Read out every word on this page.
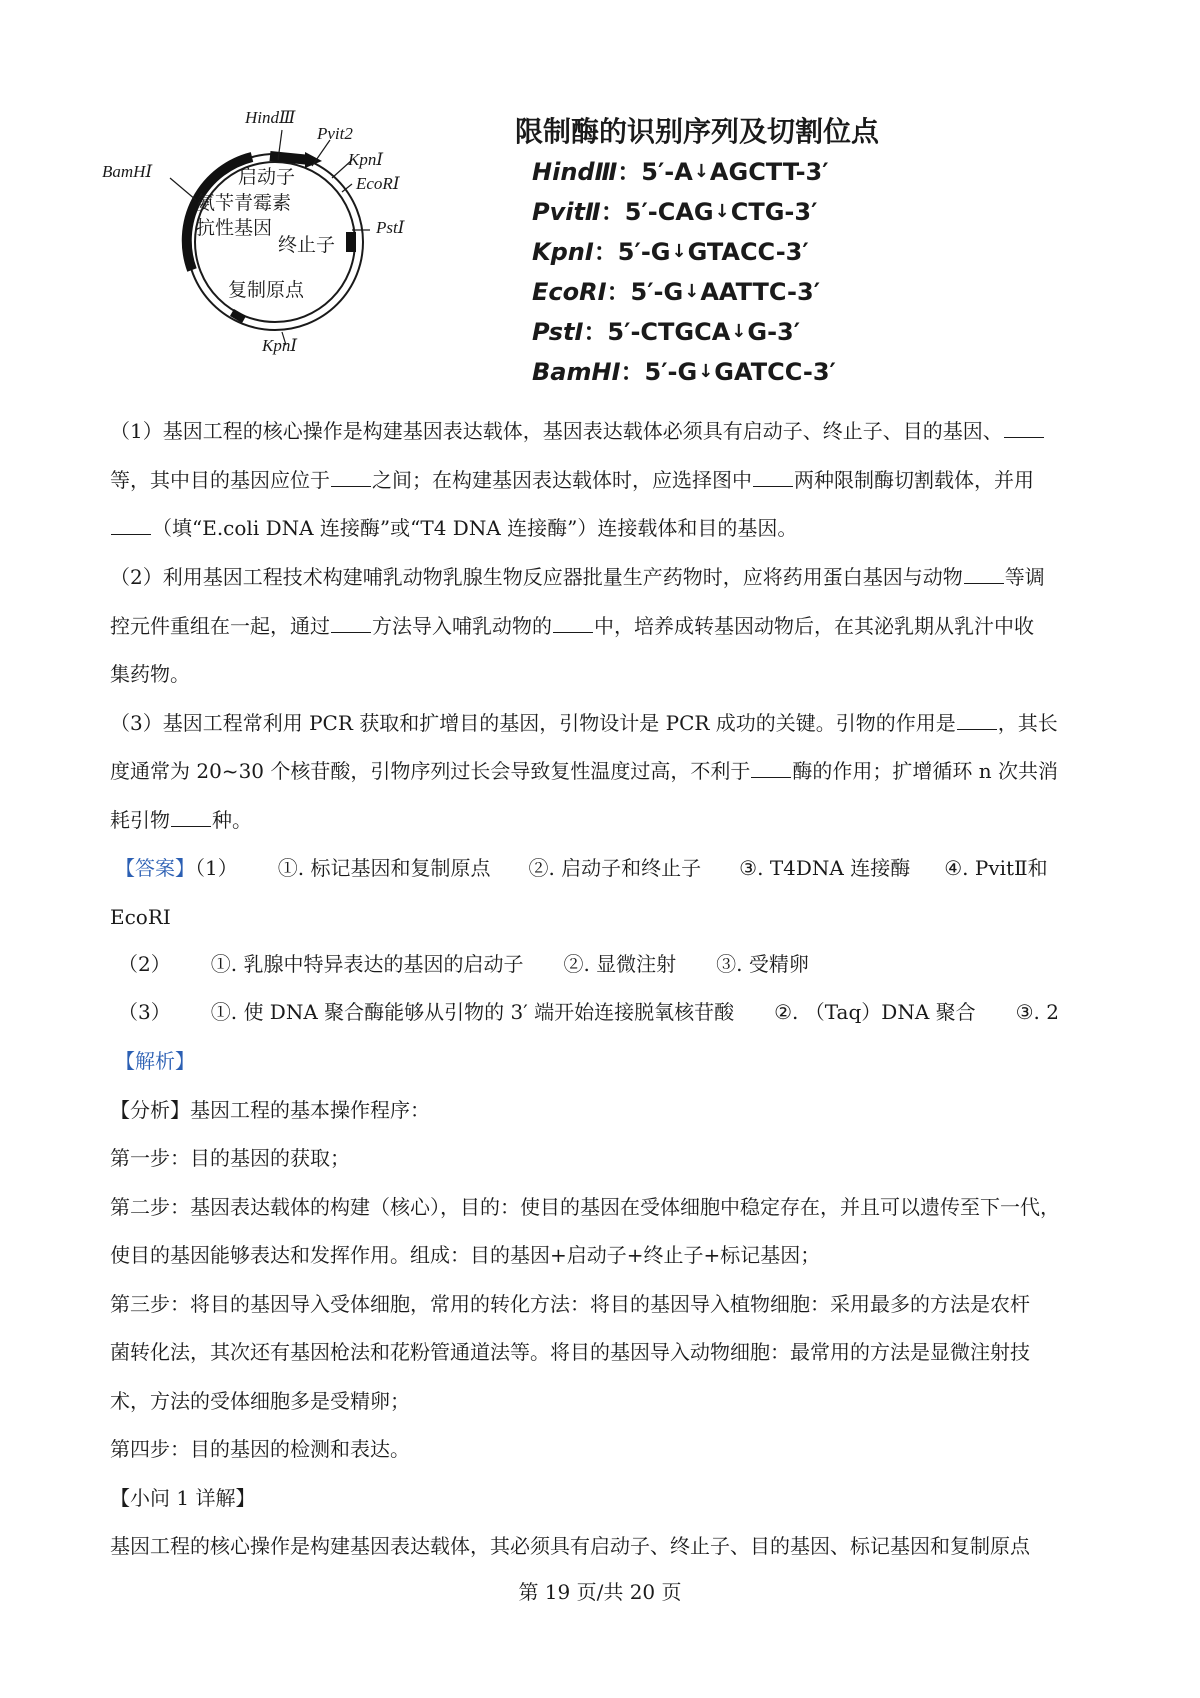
HindⅢ
Pvit2
KpnⅠ
EcoRⅠ
PstⅠ
BamHⅠ
KpnⅠ
启动子
氨苄青霉素
抗性基因
终止子
复制原点
限制酶的识别序列及切割位点
HindⅢ：5′-A↓AGCTT-3′
PvitⅡ：5′-CAG↓CTG-3′
KpnⅠ：5′-G↓GTACC-3′
EcoRⅠ：5′-G↓AATTC-3′
PstⅠ：5′-CTGCA↓G-3′
BamHⅠ：5′-G↓GATCC-3′
（1）基因工程的核心操作是构建基因表达载体，基因表达载体必须具有启动子、终止子、目的基因、
等，其中目的基因应位于 之间；在构建基因表达载体时，应选择图中 两种限制酶切割载体，并用
（填“E.coli DNA 连接酶”或“T4 DNA 连接酶”）连接载体和目的基因。
（2）利用基因工程技术构建哺乳动物乳腺生物反应器批量生产药物时，应将药用蛋白基因与动物 等调
控元件重组在一起，通过 方法导入哺乳动物的 中，培养成转基因动物后，在其泌乳期从乳汁中收
集药物。
（3）基因工程常利用 PCR 获取和扩增目的基因，引物设计是 PCR 成功的关键。引物的作用是 ，其长
度通常为 20~30 个核苷酸，引物序列过长会导致复性温度过高，不利于 酶的作用；扩增循环 n 次共消
耗引物 种。
【答案】（1） ①. 标记基因和复制原点 ②. 启动子和终止子 ③. T4DNA 连接酶 ④. PvitⅡ和
EcoRⅠ
（2） ①. 乳腺中特异表达的基因的启动子 ②. 显微注射 ③. 受精卵
（3） ①. 使 DNA 聚合酶能够从引物的 3′ 端开始连接脱氧核苷酸 ②. （Taq）DNA 聚合 ③. 2
【解析】
【分析】基因工程的基本操作程序：
第一步：目的基因的获取；
第二步：基因表达载体的构建（核心），目的：使目的基因在受体细胞中稳定存在，并且可以遗传至下一代，
使目的基因能够表达和发挥作用。组成：目的基因+启动子+终止子+标记基因；
第三步：将目的基因导入受体细胞，常用的转化方法：将目的基因导入植物细胞：采用最多的方法是农杆
菌转化法，其次还有基因枪法和花粉管通道法等。将目的基因导入动物细胞：最常用的方法是显微注射技
术，方法的受体细胞多是受精卵；
第四步：目的基因的检测和表达。
【小问 1 详解】
基因工程的核心操作是构建基因表达载体，其必须具有启动子、终止子、目的基因、标记基因和复制原点
第 19 页/共 20 页
